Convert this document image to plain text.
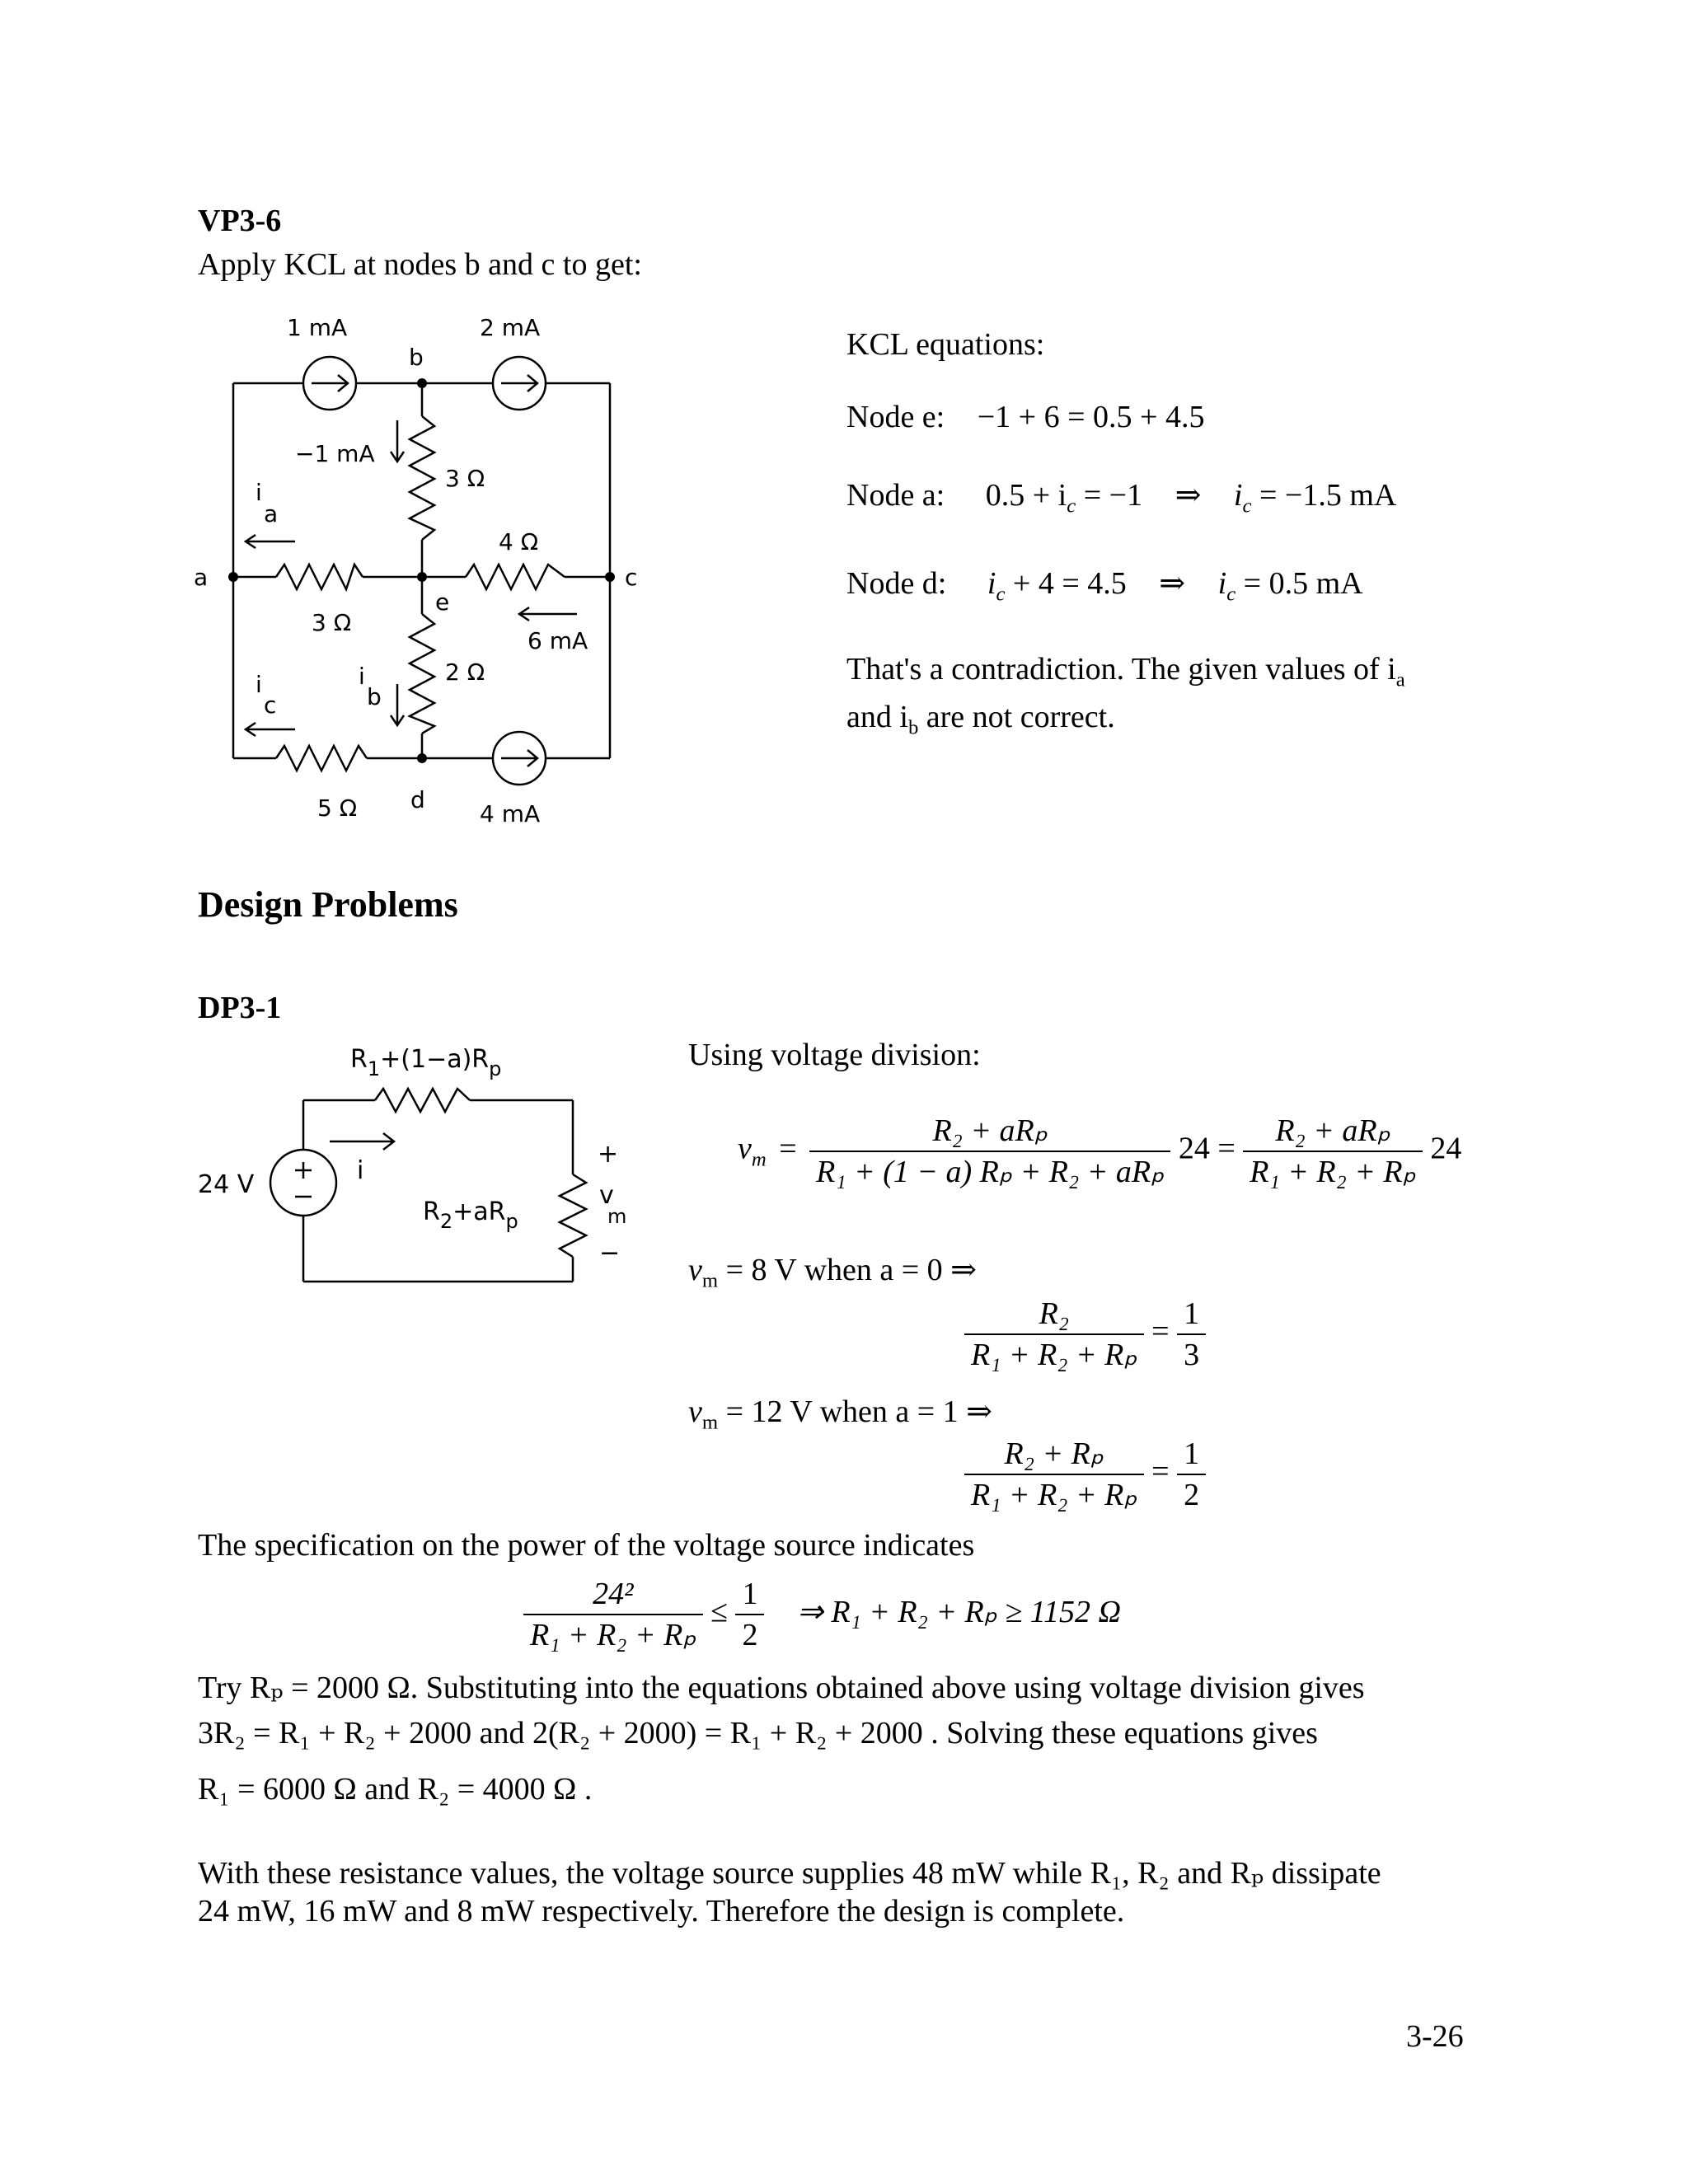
VP3-6
Apply KCL at nodes b and c to get:
1 mA	2 mA
4 mA
b
a	c
d
e
3 Ω
4 Ω
3 Ω
2 Ω
5 Ω
−1 mA
6 mA
i
a
i
b
i
c
KCL equations:
Node e: −1 + 6 = 0.5 + 4.5
Node a: $0.5 + i_c = -1$ ⇒ $i_c = -1.5$ mA
Node d: $i_c + 4 = 4.5$ ⇒ $i_c = 0.5$ mA
That's a contradiction. The given values of $i_a$
and $i_b$ are not correct.
Design Problems
DP3-1
$R_1+(1-a)R_p$
$R_2+aR_p$
24 V	i
+
−
v m
Using voltage division:
$v_m = \frac{\text{R₂ + aRₚ}}{\text{R₁ + (1 − a) Rₚ + R₂ + aRₚ}} 24 = \frac{\text{R₂ + aRₚ}}{\text{R₁ + R₂ + Rₚ}} 24$
$v_m = 8$ V when a = 0 ⇒
$\frac{\text{R₂}}{\text{R₁ + R₂ + Rₚ}} = \frac{1}{3}$
$v_m = 12$ V when a = 1 ⇒
$\frac{\text{R₂ + Rₚ}}{\text{R₁ + R₂ + Rₚ}} = \frac{1}{2}$
The specification on the power of the voltage source indicates
$\frac{\text{24²}}{\text{R₁ + R₂ + Rₚ}} \le \frac{1}{2}$ ⇒ R₁ + R₂ + Rₚ ≥ 1152 Ω
Try Rₚ = 2000 Ω. Substituting into the equations obtained above using voltage division gives
3R₂ = R₁ + R₂ + 2000 and 2(R₂ + 2000) = R₁ + R₂ + 2000 . Solving these equations gives
R₁ = 6000 Ω and R₂ = 4000 Ω .
With these resistance values, the voltage source supplies 48 mW while R₁, R₂ and Rₚ dissipate
24 mW, 16 mW and 8 mW respectively. Therefore the design is complete.
3-26
